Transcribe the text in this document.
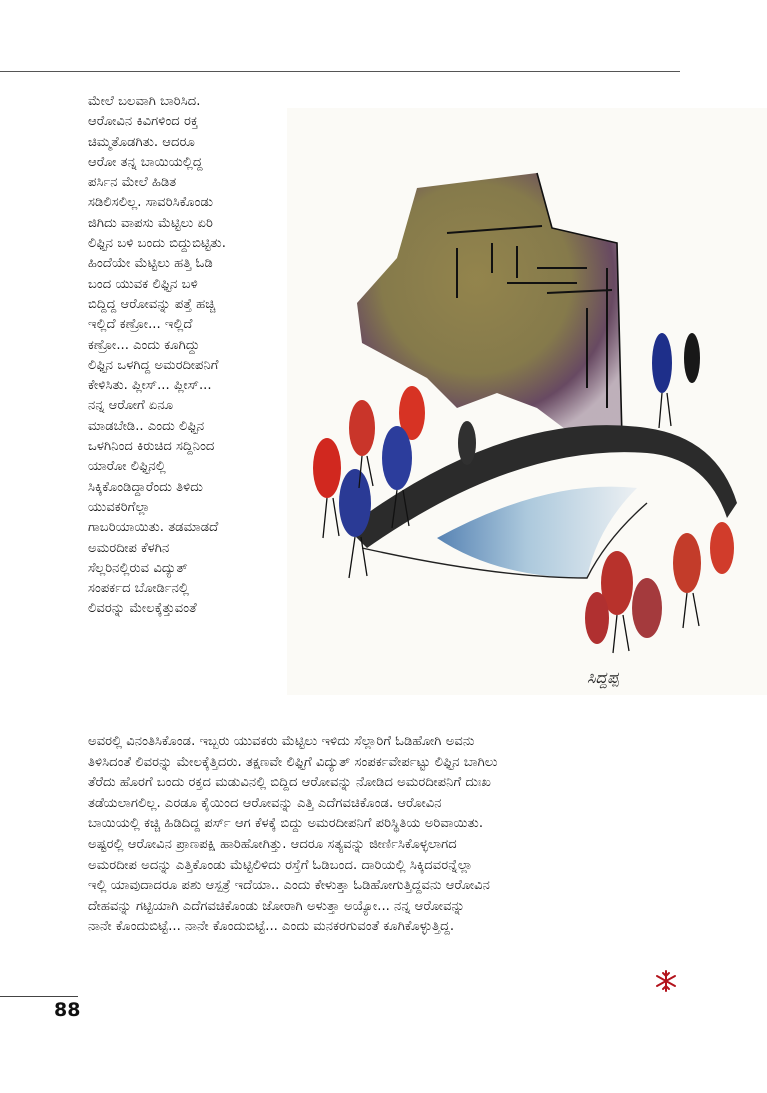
ಮೇಲೆ ಬಲವಾಗಿ ಬಾರಿಸಿದ.
ಆರೋವಿನ ಕಿವಿಗಳಿಂದ ರಕ್ತ
ಚಿಮ್ಮತೊಡಗಿತು. ಆದರೂ
ಆರೋ ತನ್ನ ಬಾಯಿಯಲ್ಲಿದ್ದ
ಪರ್ಸಿನ ಮೇಲೆ ಹಿಡಿತ
ಸಡಿಲಿಸಲಿಲ್ಲ. ಸಾವರಿಸಿಕೊಂಡು
ಜಿಗಿದು ವಾಪಸು ಮೆಟ್ಟಿಲು ಏರಿ
ಲಿಫ್ಟಿನ ಬಳಿ ಬಂದು ಬಿದ್ದುಬಿಟ್ಟಿತು.
ಹಿಂದೆಯೇ ಮೆಟ್ಟಿಲು ಹತ್ತಿ ಓಡಿ
ಬಂದ ಯುವಕ ಲಿಫ್ಟಿನ ಬಳಿ
ಬಿದ್ದಿದ್ದ ಆರೋವನ್ನು ಪತ್ತೆ ಹಚ್ಚಿ
ಇಲ್ಲಿದೆ ಕಣ್ರೋ... ಇಲ್ಲಿದೆ
ಕಣ್ರೋ... ಎಂದು ಕೂಗಿದ್ದು
ಲಿಫ್ಟಿನ ಒಳಗಿದ್ದ ಅಮರದೀಪನಿಗೆ
ಕೇಳಿಸಿತು. ಪ್ಲೀಸ್... ಪ್ಲೀಸ್...
ನನ್ನ ಆರೋಗೆ ಏನೂ
ಮಾಡಬೇಡಿ.. ಎಂದು ಲಿಫ್ಟಿನ
ಒಳಗಿನಿಂದ ಕಿರುಚಿದ ಸದ್ದಿನಿಂದ
ಯಾರೋ ಲಿಫ್ಟಿನಲ್ಲಿ
ಸಿಕ್ಕಿಕೊಂಡಿದ್ದಾರೆಂದು ತಿಳಿದು
ಯುವಕರಿಗೆಲ್ಲಾ
ಗಾಬರಿಯಾಯಿತು. ತಡಮಾಡದೆ
ಅಮರದೀಪ ಕೆಳಗಿನ
ಸೆಲ್ಲರಿನಲ್ಲಿರುವ ವಿದ್ಯುತ್
ಸಂಪರ್ಕದ ಬೋರ್ಡಿನಲ್ಲಿ
ಲಿವರನ್ನು ಮೇಲಕ್ಕೆತ್ತುವಂತೆ
ಸಿದ್ದಪ್ಪ
ಅವರಲ್ಲಿ ವಿನಂತಿಸಿಕೊಂಡ. ಇಬ್ಬರು ಯುವಕರು ಮೆಟ್ಟಿಲು ಇಳಿದು ಸೆಲ್ಲಾರಿಗೆ ಓಡಿಹೋಗಿ ಅವನು
ತಿಳಿಸಿದಂತೆ ಲಿವರನ್ನು ಮೇಲಕ್ಕೆತ್ತಿದರು. ತಕ್ಷಣವೇ ಲಿಫ್ಟಿಗೆ ವಿದ್ಯುತ್ ಸಂಪರ್ಕವೇರ್ಪಟ್ಟು ಲಿಫ್ಟಿನ ಬಾಗಿಲು
ತೆರೆದು ಹೊರಗೆ ಬಂದು ರಕ್ತದ ಮಡುವಿನಲ್ಲಿ ಬಿದ್ದಿದ ಆರೋವನ್ನು ನೋಡಿದ ಅಮರದೀಪನಿಗೆ ದುಃಖ
ತಡೆಯಲಾಗಲಿಲ್ಲ. ಎರಡೂ ಕೈಯಿಂದ ಆರೋವನ್ನು ಎತ್ತಿ ಎದೆಗವಚಿಕೊಂಡ. ಆರೋವಿನ
ಬಾಯಿಯಲ್ಲಿ ಕಚ್ಚಿ ಹಿಡಿದಿದ್ದ ಪರ್ಸ್ ಆಗ ಕೆಳಕ್ಕೆ ಬಿದ್ದು ಅಮರದೀಪನಿಗೆ ಪರಿಸ್ಥಿತಿಯ ಅರಿವಾಯಿತು.
ಅಷ್ಟರಲ್ಲಿ ಆರೋವಿನ ಪ್ರಾಣಪಕ್ಷಿ ಹಾರಿಹೋಗಿತ್ತು. ಆದರೂ ಸತ್ಯವನ್ನು ಜೀರ್ಣಿಸಿಕೊಳ್ಳಲಾಗದ
ಅಮರದೀಪ ಅದನ್ನು ಎತ್ತಿಕೊಂಡು ಮೆಟ್ಟಿಲಿಳಿದು ರಸ್ತೆಗೆ ಓಡಿಬಂದ. ದಾರಿಯಲ್ಲಿ ಸಿಕ್ಕಿದವರನ್ನೆಲ್ಲಾ
ಇಲ್ಲಿ ಯಾವುದಾದರೂ ಪಶು ಆಸ್ಪತ್ರೆ ಇದೆಯಾ.. ಎಂದು ಕೇಳುತ್ತಾ ಓಡಿಹೋಗುತ್ತಿದ್ದವನು ಆರೋವಿನ
ದೇಹವನ್ನು ಗಟ್ಟಿಯಾಗಿ ಎದೆಗವಚಿಕೊಂಡು ಜೋರಾಗಿ ಅಳುತ್ತಾ ಅಯ್ಯೋ... ನನ್ನ ಆರೋವನ್ನು
ನಾನೇ ಕೊಂದುಬಿಟ್ಟೆ... ನಾನೇ ಕೊಂದುಬಿಟ್ಟೆ... ಎಂದು ಮನಕರಗುವಂತೆ ಕೂಗಿಕೊಳ್ಳುತ್ತಿದ್ದ.
88
